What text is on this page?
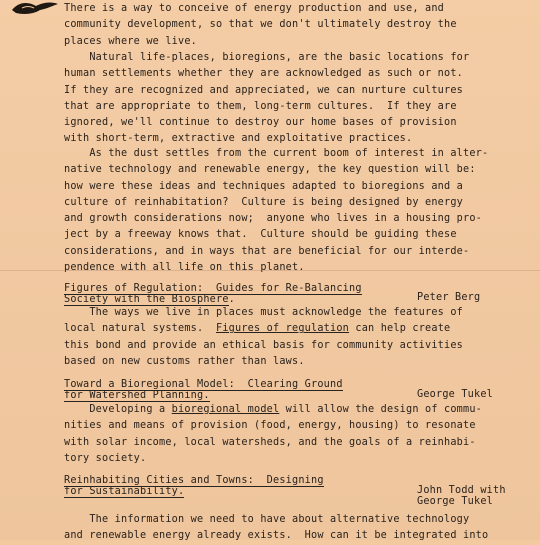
There is a way to conceive of energy production and use, and
community development, so that we don't ultimately destroy the
places where we live.
Natural life-places, bioregions, are the basic locations for
human settlements whether they are acknowledged as such or not.
If they are recognized and appreciated, we can nurture cultures
that are appropriate to them, long-term cultures.  If they are
ignored, we'll continue to destroy our home bases of provision
with short-term, extractive and exploitative practices.
As the dust settles from the current boom of interest in alter-
native technology and renewable energy, the key question will be:
how were these ideas and techniques adapted to bioregions and a
culture of reinhabitation?  Culture is being designed by energy
and growth considerations now;  anyone who lives in a housing pro-
ject by a freeway knows that.  Culture should be guiding these
considerations, and in ways that are beneficial for our interde-
pendence with all life on this planet.
Figures of Regulation:  Guides for Re-Balancing
Society with the Biosphere.	Peter Berg
The ways we live in places must acknowledge the features of
local natural systems.  Figures of regulation can help create
this bond and provide an ethical basis for community activities
based on new customs rather than laws.
Toward a Bioregional Model:  Clearing Ground
for Watershed Planning.	George Tukel
Developing a bioregional model will allow the design of commu-
nities and means of provision (food, energy, housing) to resonate
with solar income, local watersheds, and the goals of a reinhabi-
tory society.
Reinhabiting Cities and Towns:  Designing
for Sustainability.	John Todd with
George Tukel
The information we need to have about alternative technology
and renewable energy already exists.  How can it be integrated into
